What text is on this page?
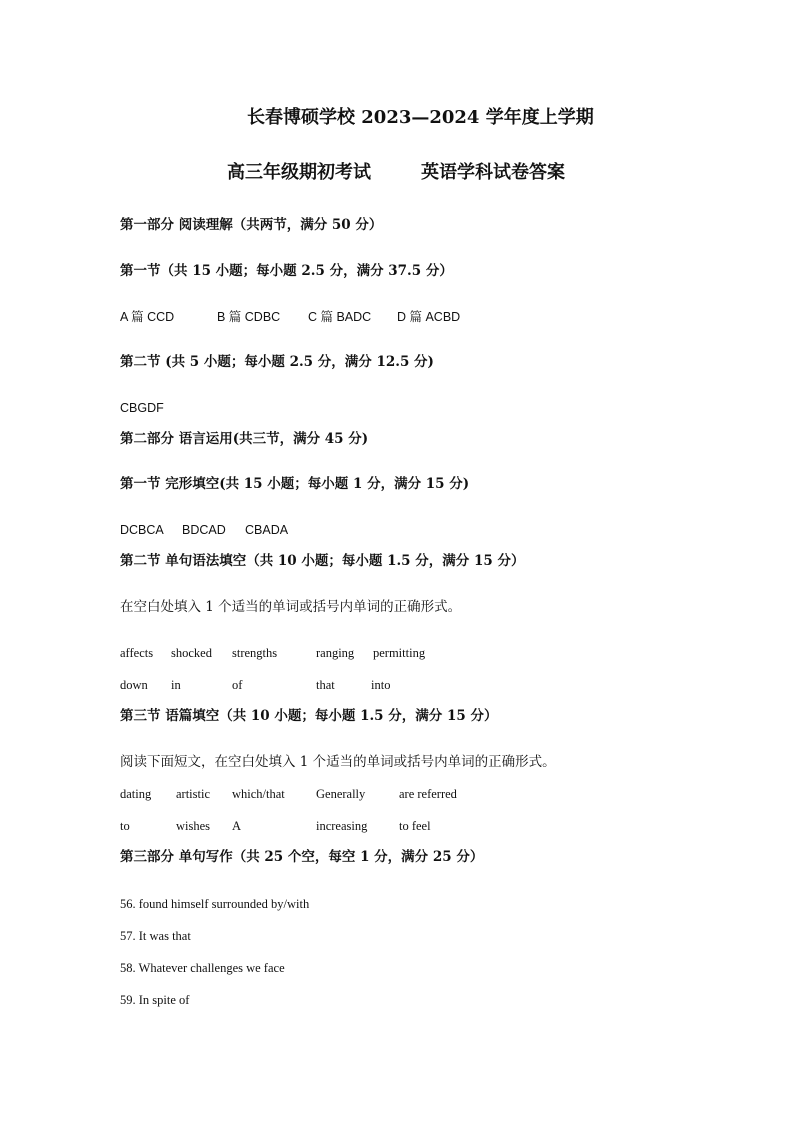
长春博硕学校 2023—2024 学年度上学期
高三年级期初考试	英语学科试卷答案
第一部分 阅读理解（共两节，满分 50 分）
第一节（共 15 小题；每小题 2.5 分，满分 37.5 分）
A 篇 CCD	B 篇 CDBC C 篇 BADC D 篇 ACBD
第二节 (共 5 小题；每小题 2.5 分，满分 12.5 分)
CBGDF
第二部分 语言运用(共三节，满分 45 分)
第一节 完形填空(共 15 小题；每小题 1 分，满分 15 分)
DCBCA BDCAD CBADA
第二节 单句语法填空（共 10 小题；每小题 1.5 分，满分 15 分）
在空白处填入 1 个适当的单词或括号内单词的正确形式。
affects shocked strengths	ranging permitting
down in	of	that	into
第三节 语篇填空（共 10 小题；每小题 1.5 分，满分 15 分）
阅读下面短文，在空白处填入 1 个适当的单词或括号内单词的正确形式。
dating artistic which/that Generally	are referred
to	wishes A	increasing	to feel
第三部分 单句写作（共 25 个空，每空 1 分，满分 25 分）
56. found himself surrounded by/with
57. It was that
58. Whatever challenges we face
59. In spite of
